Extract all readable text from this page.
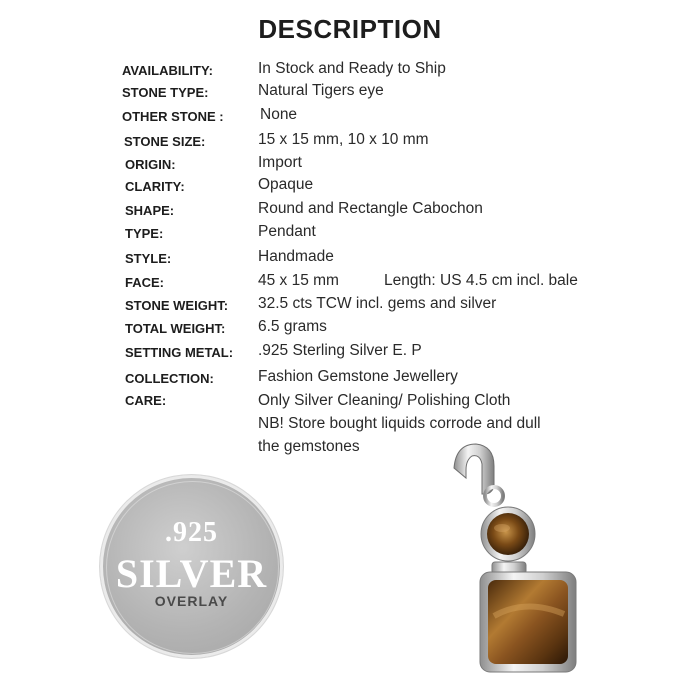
DESCRIPTION
AVAILABILITY:	In Stock and Ready to Ship
STONE TYPE:	Natural Tigers eye
OTHER STONE : None
STONE SIZE:	15 x 15 mm, 10 x 10 mm
ORIGIN:	Import
CLARITY:	Opaque
SHAPE:	Round and Rectangle Cabochon
TYPE:	Pendant
STYLE:	Handmade
FACE:	45 x 15 mm	Length: US 4.5 cm incl. bale
STONE WEIGHT: 32.5 cts TCW incl. gems and silver
TOTAL WEIGHT: 6.5 grams
SETTING METAL: .925 Sterling Silver E. P
COLLECTION:	Fashion Gemstone Jewellery
CARE:	Only Silver Cleaning/ Polishing Cloth
NB! Store bought liquids corrode and dull
the gemstones
.925
SILVER
OVERLAY
